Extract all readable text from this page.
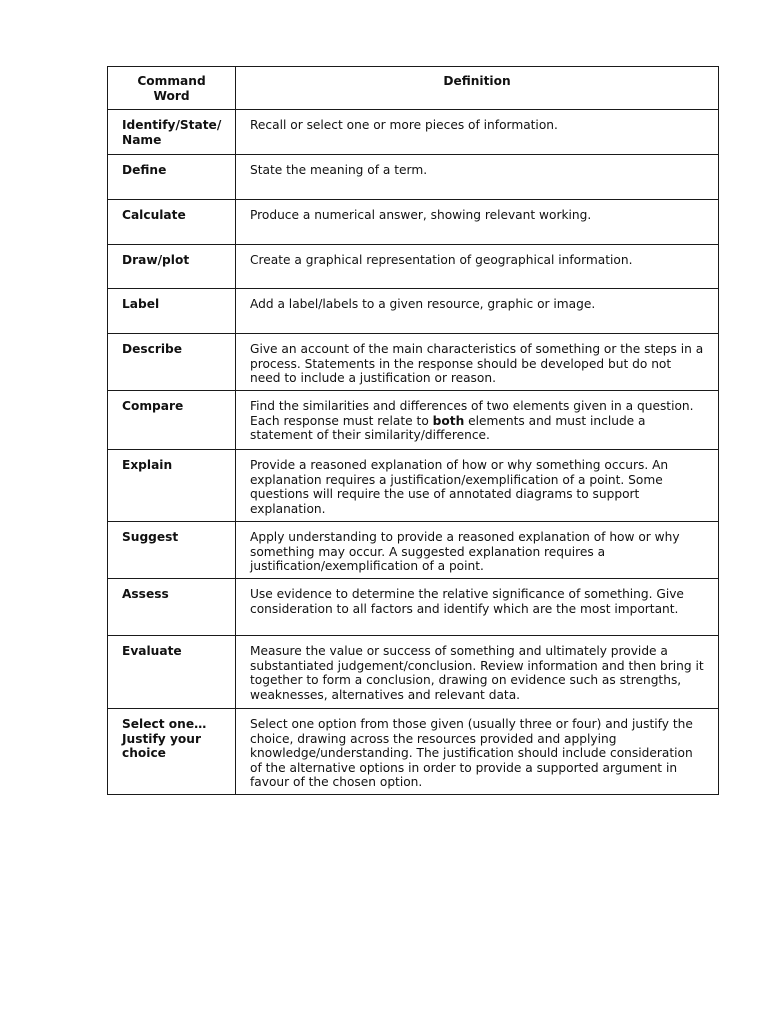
Command Word	Definition
Identify/State/ Name	Recall or select one or more pieces of information.
Define	State the meaning of a term.
Calculate	Produce a numerical answer, showing relevant working.
Draw/plot	Create a graphical representation of geographical information.
Label	Add a label/labels to a given resource, graphic or image.
Describe	Give an account of the main characteristics of something or the steps in a process. Statements in the response should be developed but do not need to include a justification or reason.
Compare	Find the similarities and differences of two elements given in a question. Each response must relate to both elements and must include a statement of their similarity/difference.
Explain	Provide a reasoned explanation of how or why something occurs. An explanation requires a justification/exemplification of a point. Some questions will require the use of annotated diagrams to support explanation.
Suggest	Apply understanding to provide a reasoned explanation of how or why something may occur. A suggested explanation requires a justification/exemplification of a point.
Assess	Use evidence to determine the relative significance of something. Give consideration to all factors and identify which are the most important.
Evaluate	Measure the value or success of something and ultimately provide a substantiated judgement/conclusion. Review information and then bring it together to form a conclusion, drawing on evidence such as strengths, weaknesses, alternatives and relevant data.
Select one…Justify your choice	Select one option from those given (usually three or four) and justify the choice, drawing across the resources provided and applying knowledge/understanding. The justification should include consideration of the alternative options in order to provide a supported argument in favour of the chosen option.
